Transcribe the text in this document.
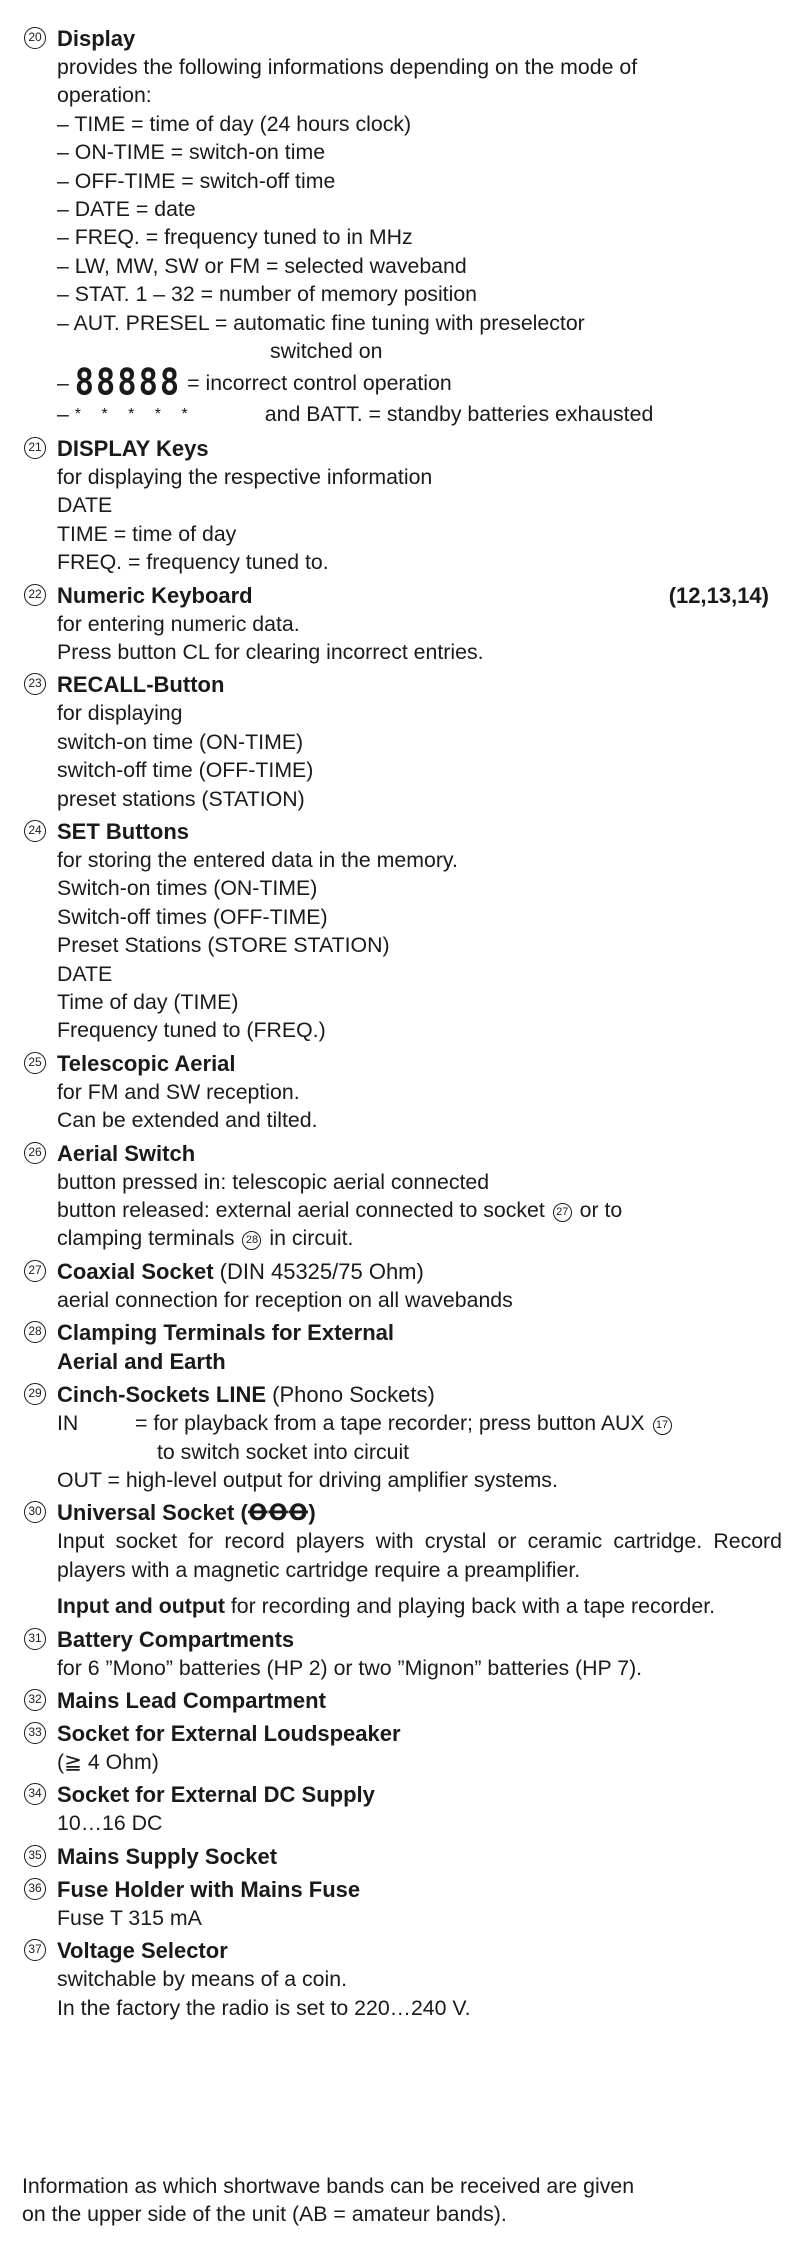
20 Display
provides the following informations depending on the mode of
operation:
– TIME = time of day (24 hours clock)
– ON-TIME = switch-on time
– OFF-TIME = switch-off time
– DATE = date
– FREQ. = frequency tuned to in MHz
– LW, MW, SW or FM = selected waveband
– STAT. 1 – 32 = number of memory position
– AUT. PRESEL = automatic fine tuning with preselector
switched on
– 88888 = incorrect control operation
– * * * * *	and BATT. = standby batteries exhausted
21 DISPLAY Keys
for displaying the respective information
DATE
TIME = time of day
FREQ. = frequency tuned to.
22 Numeric Keyboard	(12,13,14)
for entering numeric data.
Press button CL for clearing incorrect entries.
23 RECALL-Button
for displaying
switch-on time (ON-TIME)
switch-off time (OFF-TIME)
preset stations (STATION)
24 SET Buttons
for storing the entered data in the memory.
Switch-on times (ON-TIME)
Switch-off times (OFF-TIME)
Preset Stations (STORE STATION)
DATE
Time of day (TIME)
Frequency tuned to (FREQ.)
25 Telescopic Aerial
for FM and SW reception.
Can be extended and tilted.
26 Aerial Switch
button pressed in: telescopic aerial connected
button released: external aerial connected to socket 27 or to
clamping terminals 28 in circuit.
27 Coaxial Socket (DIN 45325/75 Ohm)
aerial connection for reception on all wavebands
28 Clamping Terminals for External
Aerial and Earth
29 Cinch-Sockets LINE (Phono Sockets)
IN	= for playback from a tape recorder; press button AUX 17
to switch socket into circuit
OUT = high-level output for driving amplifier systems.
30 Universal Socket (ꝊꝊꝊ)
Input socket for record players with crystal or ceramic cartridge. Record players with a magnetic cartridge require a preamplifier.
Input and output for recording and playing back with a tape recorder.
31 Battery Compartments
for 6 ”Mono” batteries (HP 2) or two ”Mignon” batteries (HP 7).
32 Mains Lead Compartment
33 Socket for External Loudspeaker
(≧ 4 Ohm)
34 Socket for External DC Supply
10…16 DC
35 Mains Supply Socket
36 Fuse Holder with Mains Fuse
Fuse T 315 mA
37 Voltage Selector
switchable by means of a coin.
In the factory the radio is set to 220…240 V.
Information as which shortwave bands can be received are given
on the upper side of the unit (AB = amateur bands).
